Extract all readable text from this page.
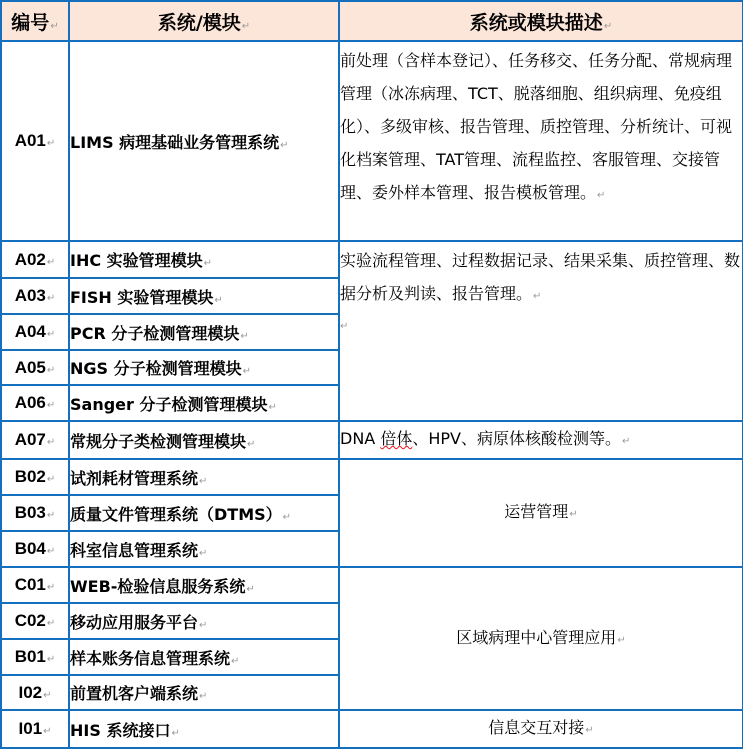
编号↵	系统/模块↵	系统或模块描述↵
A01↵	LIMS 病理基础业务管理系统↵	前处理（含样本登记）、任务移交、任务分配、常规病理管理（冰冻病理、TCT、脱落细胞、组织病理、免疫组化）、多级审核、报告管理、质控管理、分析统计、可视化档案管理、TAT管理、流程监控、客服管理、交接管理、委外样本管理、报告模板管理。↵
A02↵	IHC 实验管理模块↵	实验流程管理、过程数据记录、结果采集、质控管理、数据分析及判读、报告管理。↵
↵

A03↵	FISH 实验管理模块↵	
A04↵	PCR 分子检测管理模块↵	
A05↵	NGS 分子检测管理模块↵	
A06↵	Sanger 分子检测管理模块↵	
A07↵	常规分子类检测管理模块↵	DNA 倍体、HPV、病原体核酸检测等。↵
B02↵	试剂耗材管理系统↵	运营管理↵
B03↵	质量文件管理系统（DTMS）↵	
B04↵	科室信息管理系统↵	
C01↵	WEB-检验信息服务系统↵	区域病理中心管理应用↵
C02↵	移动应用服务平台↵	
B01↵	样本账务信息管理系统↵	
I02↵	前置机客户端系统↵	
I01↵	HIS 系统接口↵	信息交互对接↵
